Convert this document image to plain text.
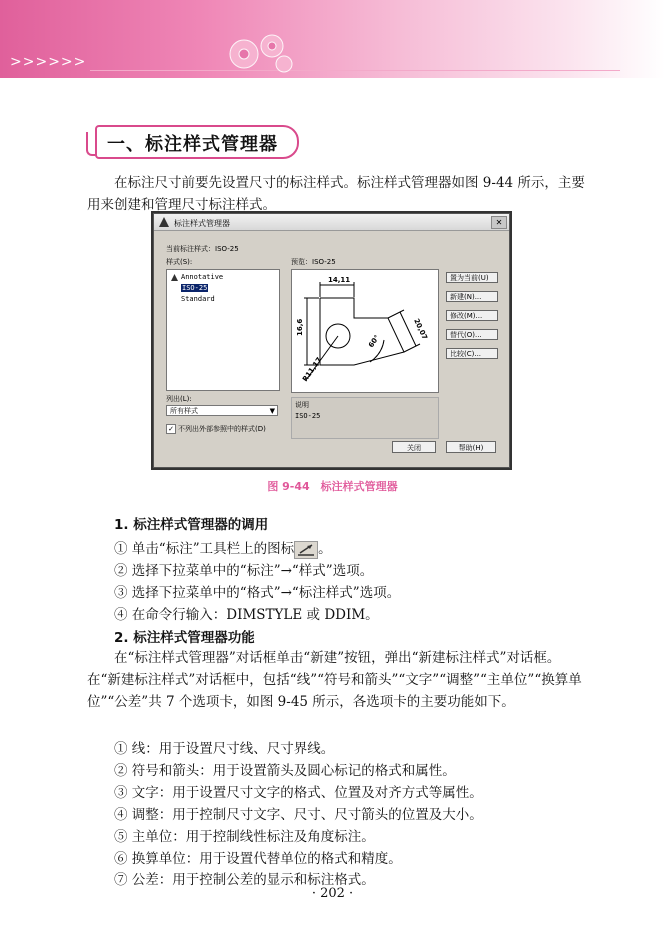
>>>>>>
一、标注样式管理器
在标注尺寸前要先设置尺寸的标注样式。标注样式管理器如图 9-44 所示，主要用来创建和管理尺寸标注样式。
标注样式管理器	✕
当前标注样式：ISO-25
样式(S):	预览：ISO-25
Annotative
ISO-25
Standard
14,11
16,6	20,07
60°
R11,17
说明
ISO-25
置为当前(U)
新建(N)...
修改(M)...
替代(O)...
比较(C)...
列出(L):
所有样式	▼
✓ 不列出外部参照中的样式(D)
关闭	帮助(H)
图 9-44　标注样式管理器
1. 标注样式管理器的调用
① 单击“标注”工具栏上的图标 。
② 选择下拉菜单中的“标注”→“样式”选项。
③ 选择下拉菜单中的“格式”→“标注样式”选项。
④ 在命令行输入：DIMSTYLE 或 DDIM。
2. 标注样式管理器功能
在“标注样式管理器”对话框单击“新建”按钮，弹出“新建标注样式”对话框。在“新建标注样式”对话框中，包括“线”“符号和箭头”“文字”“调整”“主单位”“换算单位”“公差”共 7 个选项卡，如图 9-45 所示，各选项卡的主要功能如下。
① 线：用于设置尺寸线、尺寸界线。
② 符号和箭头：用于设置箭头及圆心标记的格式和属性。
③ 文字：用于设置尺寸文字的格式、位置及对齐方式等属性。
④ 调整：用于控制尺寸文字、尺寸、尺寸箭头的位置及大小。
⑤ 主单位：用于控制线性标注及角度标注。
⑥ 换算单位：用于设置代替单位的格式和精度。
⑦ 公差：用于控制公差的显示和标注格式。
· 202 ·
